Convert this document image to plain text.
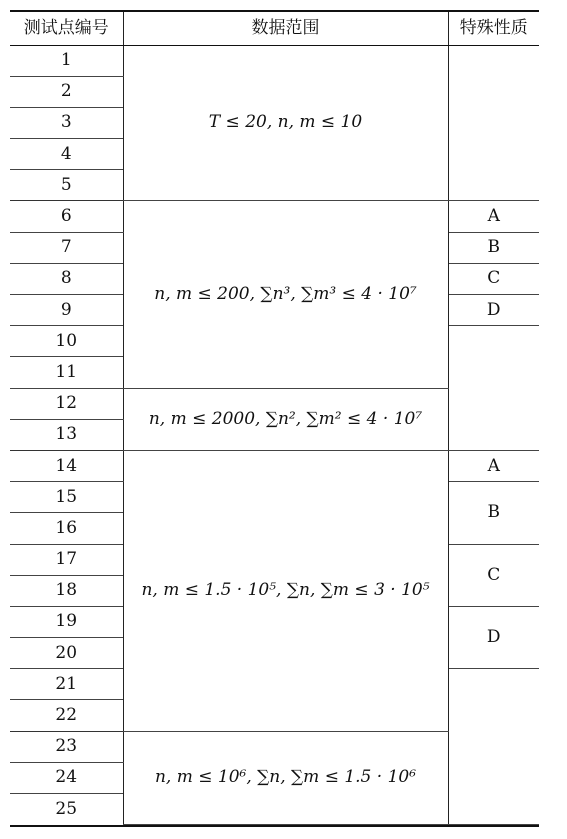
测试点编号	数据范围	特殊性质
1	T ≤ 20, n, m ≤ 10	
2		
3		
4		
5		
6	n, m ≤ 200, ∑n³, ∑m³ ≤ 4 · 10⁷	A
7		B
8		C
9		D
10		
11		
12	n, m ≤ 2000, ∑n², ∑m² ≤ 4 · 10⁷	
13		
14	n, m ≤ 1.5 · 10⁵, ∑n, ∑m ≤ 3 · 10⁵	A
15		B
16		
17		C
18		
19		D
20		
21		
22		
23	n, m ≤ 10⁶, ∑n, ∑m ≤ 1.5 · 10⁶	
24		
25		
